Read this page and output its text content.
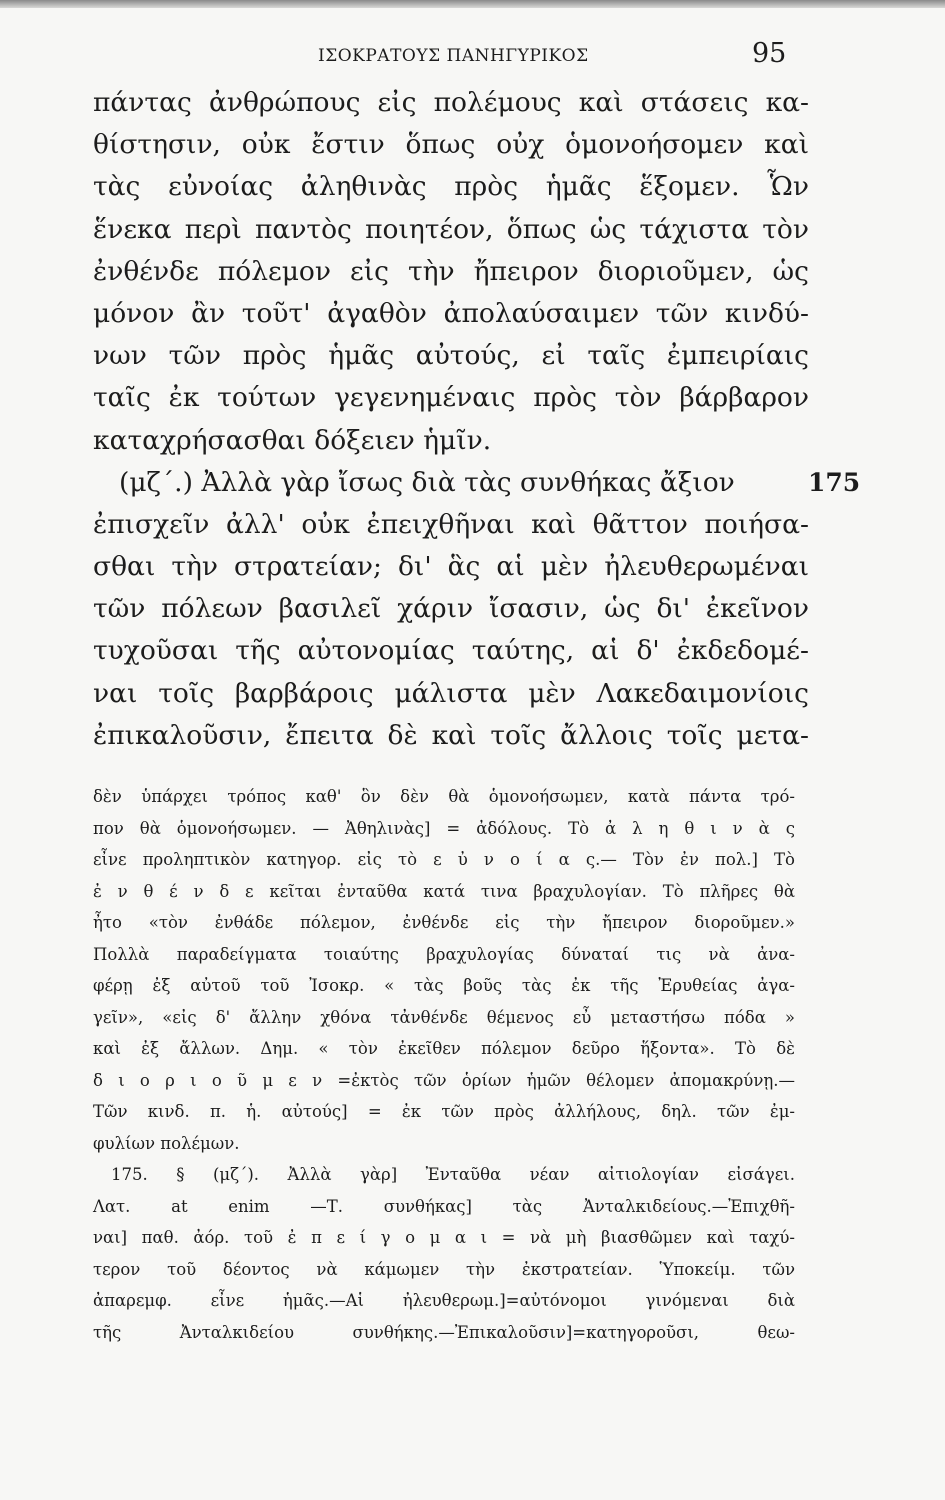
ΙΣΟΚΡΑΤΟΥΣ ΠΑΝΗΓΥΡΙΚΟΣ	95
πάντας ἀνθρώπους εἰς πολέμους καὶ στάσεις κα-
θίστησιν, οὐκ ἔστιν ὅπως οὐχ ὁμονοήσομεν καὶ
τὰς εὐνοίας ἀληθινὰς πρὸς ἡμᾶς ἕξομεν. Ὧν
ἕνεκα περὶ παντὸς ποιητέον, ὅπως ὡς τάχιστα τὸν
ἐνθένδε πόλεμον εἰς τὴν ἤπειρον διοριοῦμεν, ὡς
μόνον ἂν τοῦτ' ἀγαθὸν ἀπολαύσαιμεν τῶν κινδύ-
νων τῶν πρὸς ἡμᾶς αὐτούς, εἰ ταῖς ἐμπειρίαις
ταῖς ἐκ τούτων γεγενημέναις πρὸς τὸν βάρβαρον
καταχρήσασθαι δόξειεν ἡμῖν.
(μζ΄.) Ἀλλὰ γὰρ ἴσως διὰ τὰς συνθήκας ἄξιον	175
ἐπισχεῖν ἀλλ' οὐκ ἐπειχθῆναι καὶ θᾶττον ποιήσα-
σθαι τὴν στρατείαν; δι' ἃς αἱ μὲν ἠλευθερωμέναι
τῶν πόλεων βασιλεῖ χάριν ἴσασιν, ὡς δι' ἐκεῖνον
τυχοῦσαι τῆς αὐτονομίας ταύτης, αἱ δ' ἐκδεδομέ-
ναι τοῖς βαρβάροις μάλιστα μὲν Λακεδαιμονίοις
ἐπικαλοῦσιν, ἔπειτα δὲ καὶ τοῖς ἄλλοις τοῖς μετα-
δὲν ὑπάρχει τρόπος καθ' ὃν δὲν θὰ ὁμονοήσωμεν, κατὰ πάντα τρό-
πον θὰ ὁμονοήσωμεν. — Ἀθηλινὰς] = ἀδόλους. Τὸ ἀ λ η θ ι ν ὰ ς
εἶνε προληπτικὸν κατηγορ. εἰς τὸ ε ὐ ν ο ί α ς.— Τὸν ἐν πολ.] Τὸ
ἐ ν θ έ ν δ ε κεῖται ἐνταῦθα κατά τινα βραχυλογίαν. Τὸ πλῆρες θὰ
ἦτο «τὸν ἐνθάδε πόλεμον, ἐνθένδε εἰς τὴν ἤπειρον διοροῦμεν.»
Πολλὰ παραδείγματα τοιαύτης βραχυλογίας δύναταί τις νὰ ἀνα-
φέρῃ ἐξ αὐτοῦ τοῦ Ἰσοκρ. « τὰς βοῦς τὰς ἐκ τῆς Ἐρυθείας ἀγα-
γεῖν», «εἰς δ' ἄλλην χθόνα τἀνθένδε θέμενος εὖ μεταστήσω πόδα »
καὶ ἐξ ἄλλων. Δημ. « τὸν ἐκεῖθεν πόλεμον δεῦρο ἥξοντα». Τὸ δὲ
δ ι ο ρ ι ο ῦ μ ε ν =ἐκτὸς τῶν ὁρίων ἡμῶν θέλομεν ἀπομακρύνῃ.—
Τῶν κινδ. π. ἡ. αὐτούς] = ἐκ τῶν πρὸς ἀλλήλους, δηλ. τῶν ἐμ-
φυλίων πολέμων.
175. § (μζ΄). Ἀλλὰ γὰρ] Ἐνταῦθα νέαν αἰτιολογίαν εἰσάγει.
Λατ. at enim —Τ. συνθήκας] τὰς Ἀνταλκιδείους.—Ἐπιχθῆ-
ναι] παθ. ἀόρ. τοῦ ἐ π ε ί γ ο μ α ι = νὰ μὴ βιασθῶμεν καὶ ταχύ-
τερον τοῦ δέοντος νὰ κάμωμεν τὴν ἐκστρατείαν. Ὑποκείμ. τῶν
ἀπαρεμφ. εἶνε ἡμᾶς.—Αἱ ἠλευθερωμ.]=αὐτόνομοι γινόμεναι διὰ
τῆς Ἀνταλκιδείου συνθήκης.—Ἐπικαλοῦσιν]=κατηγοροῦσι, θεω-
